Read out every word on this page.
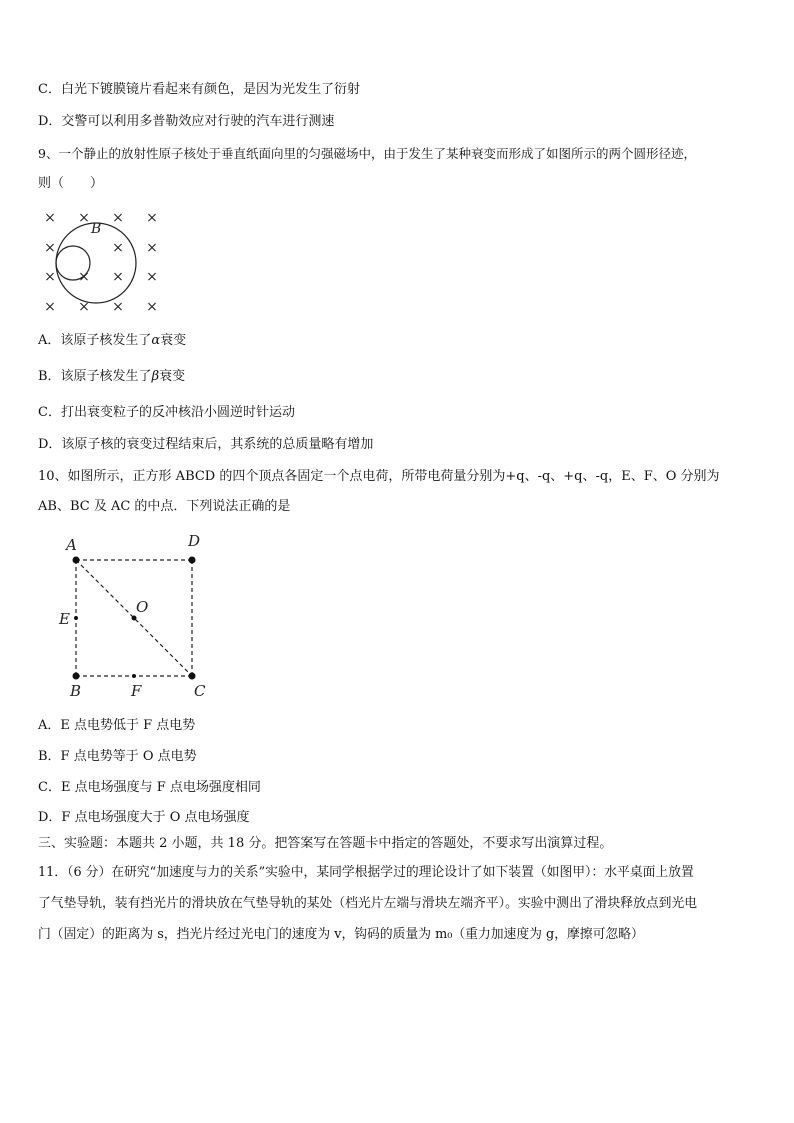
C．白光下镀膜镜片看起来有颜色，是因为光发生了衍射
D．交警可以利用多普勒效应对行驶的汽车进行测速
9、一个静止的放射性原子核处于垂直纸面向里的匀强磁场中，由于发生了某种衰变而形成了如图所示的两个圆形径迹，
则（　　）
× × × ×
×	× ×
× × × ×
× × × ×
B
A．该原子核发生了α衰变
B．该原子核发生了β衰变
C．打出衰变粒子的反冲核沿小圆逆时针运动
D．该原子核的衰变过程结束后，其系统的总质量略有增加
10、如图所示，正方形 ABCD 的四个顶点各固定一个点电荷，所带电荷量分别为+q、-q、+q、-q，E、F、O 分别为
AB、BC 及 AC 的中点．下列说法正确的是
A	D
E
O
B	F	C
A．E 点电势低于 F 点电势
B．F 点电势等于 O 点电势
C．E 点电场强度与 F 点电场强度相同
D．F 点电场强度大于 O 点电场强度
三、实验题：本题共 2 小题，共 18 分。把答案写在答题卡中指定的答题处，不要求写出演算过程。
11．（6 分）在研究“加速度与力的关系”实验中，某同学根据学过的理论设计了如下装置（如图甲）：水平桌面上放置
了气垫导轨，装有挡光片的滑块放在气垫导轨的某处（档光片左端与滑块左端齐平）。实验中测出了滑块释放点到光电
门（固定）的距离为 s，挡光片经过光电门的速度为 v，钩码的质量为 m₀（重力加速度为 g，摩擦可忽略）
